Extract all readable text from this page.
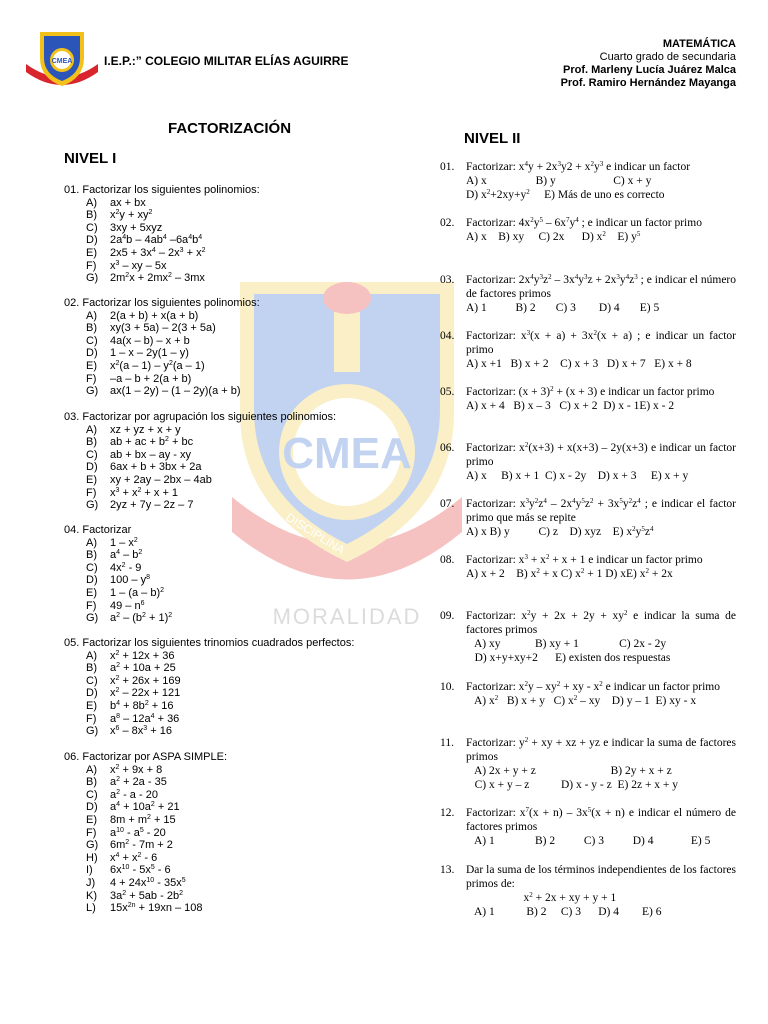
CMEA
DISCIPLINA
MORALIDAD
CMEA	I.E.P.:” COLEGIO MILITAR ELÍAS AGUIRRE
MATEMÁTICA
Cuarto grado de secundaria
Prof. Marleny Lucía Juárez Malca
Prof. Ramiro Hernández Mayanga
FACTORIZACIÓN
NIVEL I
NIVEL II
01. Factorizar los siguientes polinomios:
A) ax + bx
B) $x^2y + xy^2$
C) 3xy + 5xyz
D) $2a^4b - 4ab^4$ $-6a^4b^4$
E) $2x5 + 3x^4 - 2x^3 + x^2$
F) $x^3$ – xy – 5x
G) $2m^2x + 2mx^2 - 3mx$
02. Factorizar los siguientes polinomios:
A) 2(a + b) + x(a + b)
B) xy(3 + 5a) – 2(3 + 5a)
C) 4a(x – b) – x + b
D) 1 – x – 2y(1 – y)
E) $x^2(a - 1) - y^2(a - 1)$
F) –a – b + 2(a + b)
G) ax(1 – 2y) – (1 – 2y)(a + b)
03. Factorizar por agrupación los siguientes polinomios:
A) xz + yz + x + y
B) ab + ac + $b^2$ + bc
C) ab + bx – ay - xy
D) 6ax + b + 3bx + 2a
E) xy + 2ay – 2bx – 4ab
F) $x^3 + x^2 + x + 1$
G) 2yz + 7y – 2z – 7
04. Factorizar
A) $1 - x^2$
B) $a^4 - b^2$
C) $4x^2 - 9$
D) $100 - y^8$
E) 1 – (a – b)$^2$
F) $49 - n^6$
G) $a^2 - (b^2 + 1)^2$
05. Factorizar los siguientes trinomios cuadrados perfectos:
A) $x^2 + 12x + 36$
B) $a^2 + 10a + 25$
C) $x^2 + 26x + 169$
D) $x^2 - 22x + 121$
E) $b^4 + 8b^2 + 16$
F) $a^8 - 12a^4 + 36$
G) $x^6 - 8x^3 + 16$
06. Factorizar por ASPA SIMPLE:
A) $x^2 + 9x + 8$
B) $a^2 + 2a - 35$
C) $a^2$ - a - 20
D) $a^4 + 10a^2 + 21$
E) $8m + m^2 + 15$
F) $a^{10} - a^5 - 20$
G) $6m^2 - 7m + 2$
H) $x^4 + x^2 - 6$
I) $6x^{10} - 5x^5 - 6$
J) $4 + 24x^{10} - 35x^5$
K) $3a^2 + 5ab - 2b^2$
L) $15x^{2n} + 19xn - 108$
01.	Factorizar: $x^4y + 2x^3y2 + x^2y^3$ e indicar un factor
A) x                 B) y                    C) x + y
D) $x^2+2xy+y^2$     E) Más de uno es correcto
02.	Factorizar: $4x^2y^5 - 6x^7y^4$ ; e indicar un factor primo
A) x    B) xy     C) 2x      D) $x^2$    E) $y^5$
03.	Factorizar: $2x^4y^3z^2 - 3x^4y^3z + 2x^3y^4z^3$ ; e indicar el número de factores primos
A) 1          B) 2       C) 3        D) 4       E) 5
04.	Factorizar: $x^3(x + a) + 3x^2(x + a)$ ; e indicar un factor primo
A) x +1   B) x + 2    C) x + 3   D) x + 7   E) x + 8
05.	Factorizar: $(x + 3)^2 + (x + 3)$ e indicar un factor primo
A) x + 4   B) x – 3   C) x + 2  D) x - 1E) x - 2
06.	Factorizar: $x^2(x+3) + x(x+3) - 2y(x+3)$ e indicar un factor primo
A) x     B) x + 1  C) x - 2y    D) x + 3     E) x + y
07.	Factorizar: $x^3y^2z^4 - 2x^4y^5z^2 + 3x^5y^2z^4$ ; e indicar el factor primo que más se repite
A) x B) y          C) z    D) xyz    E) $x^2y^5z^4$
08.	Factorizar: $x^3 + x^2 + x + 1$ e indicar un factor primo
A) x + 2    B) $x^2 + x$ C) $x^2 + 1$ D) xE) $x^2 + 2x$
09.	Factorizar: $x^2y + 2x + 2y + xy^2$ e indicar la suma de factores primos
A) xy            B) xy + 1              C) 2x - 2y
D) x+y+xy+2      E) existen dos respuestas
10.	Factorizar: $x^2y - xy^2$ + xy - $x^2$ e indicar un factor primo
A) $x^2$   B) x + y   C) $x^2$ – xy    D) y – 1  E) xy - x
11.	Factorizar: $y^2$ + xy + xz + yz e indicar la suma de factores primos
A) 2x + y + z                          B) 2y + x + z
C) x + y – z           D) x - y - z  E) 2z + x + y
12.	Factorizar: $x^7(x + n) - 3x^5(x + n)$ e indicar el número de factores primos
A) 1              B) 2          C) 3          D) 4             E) 5
13.	Dar la suma de los términos independientes de los factores primos de:
$x^2 + 2x$ + xy + y + 1
A) 1           B) 2     C) 3      D) 4        E) 6
